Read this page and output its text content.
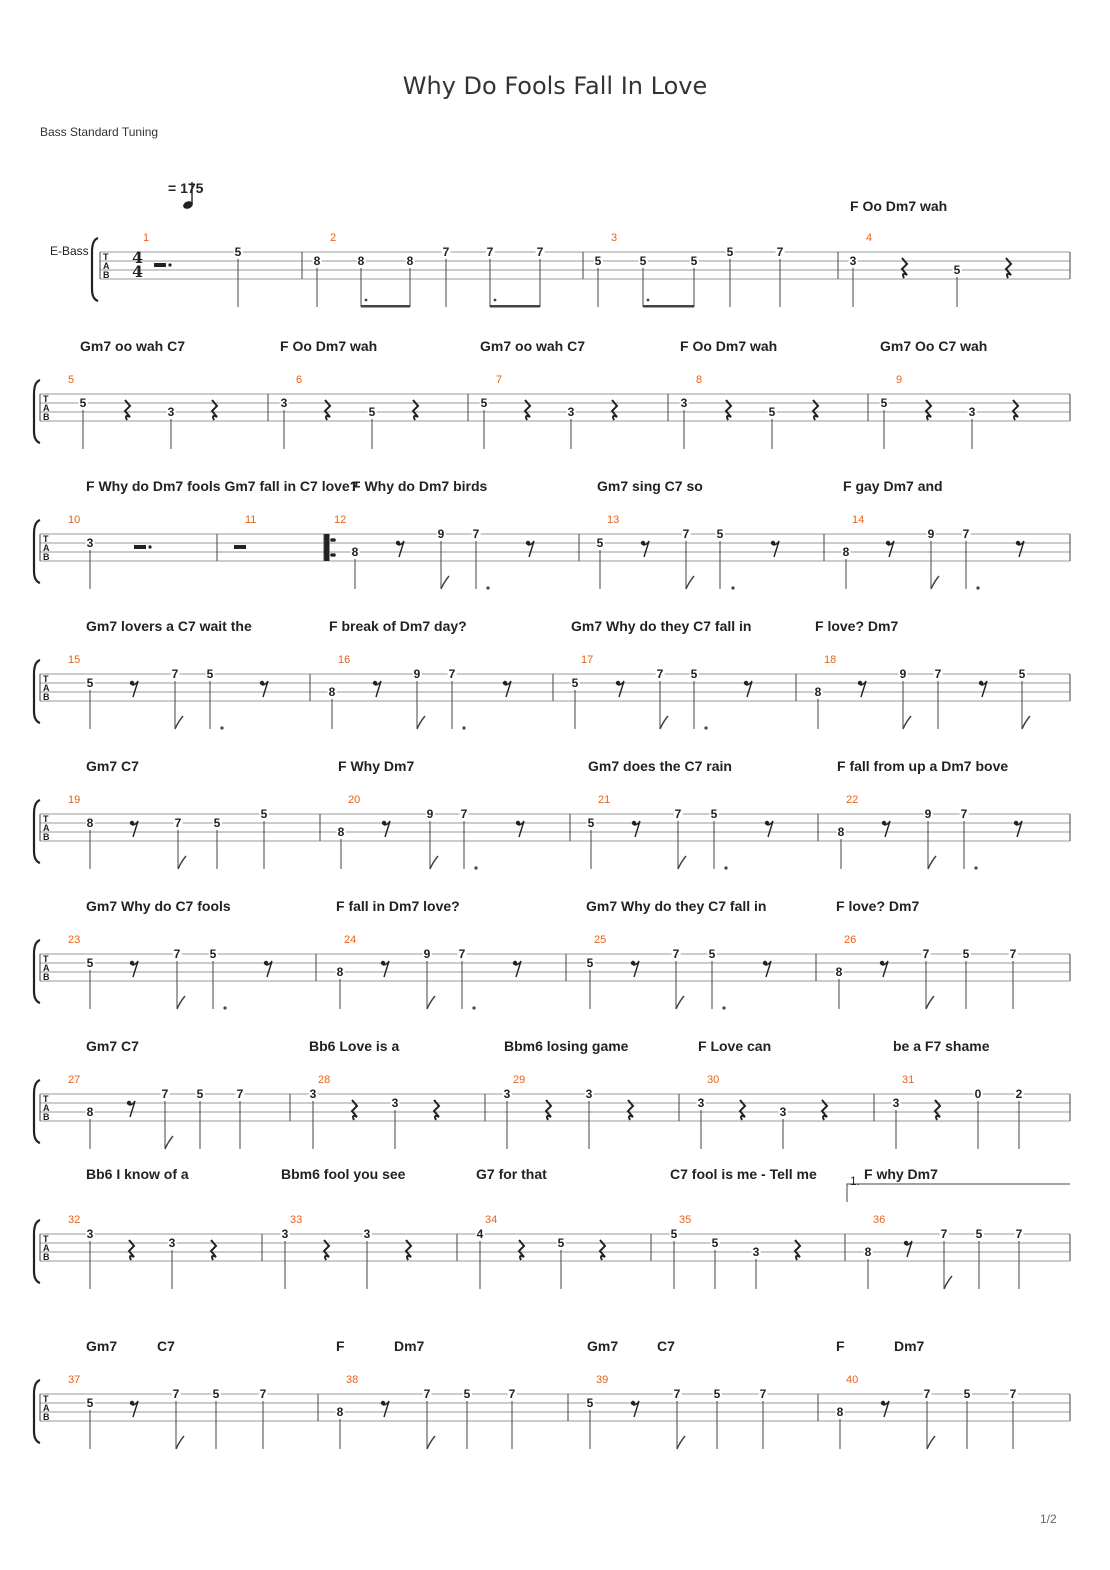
Why Do Fools Fall In Love
Bass Standard Tuning
= 175
E-Bass
1/2
T
A
B
4
4
F Oo Dm7 wah
1
5
2
8	8	8
7	7	7
3
5	5	5
5	7
4
3
5
T
A
B
Gm7 oo wah C7	F Oo Dm7 wah	Gm7 oo wah C7	F Oo Dm7 wah	Gm7 Oo C7 wah
5
5
3
6
3
5
7
5
3
8
3
5
9
5
3
T
A
B
F Why do Dm7 fools Gm7 fall in C7 love?
F Why do Dm7 birds	Gm7 sing C7 so	F gay Dm7 and
10
3
11	12
8
9 7
13
5
7 5
14
8
9 7
T
A
B
Gm7 lovers a C7 wait the	F break of Dm7 day?	Gm7 Why do they C7 fall in	F love? Dm7
15
5
7 5
16
8
9 7
17
5
7 5
18
8
9 7	5
T
A
B
Gm7 C7	F Why Dm7	Gm7 does the C7 rain	F fall from up a Dm7 bove
19
8	7	5
5
20
8
9 7
21
5
7 5
22
8
9 7
T
A
B
Gm7 Why do C7 fools	F fall in Dm7 love?	Gm7 Why do they C7 fall in	F love? Dm7
23
5
7 5
24
8
9 7
25
5
7 5
26
8
7	5	7
T
A
B
Gm7 C7	Bb6 Love is a	Bbm6 losing game	F Love can	be a F7 shame
27
8
7 5	7
28
3
3
29
3	3
30
3
3
31
3
0	2
T
A
B
Bb6 I know of a	Bbm6 fool you see	G7 for that	C7 fool is me - Tell me	F why Dm7
32
3
3
33
3	3
34
4
5
35
5
5
3
36
8
7 5	7
1.
T
A
B
Gm7	C7	F	Dm7	Gm7	C7	F	Dm7
37
5
7	5	7
38
8
7	5	7
39
5
7	5	7
40
8
7	5	7
